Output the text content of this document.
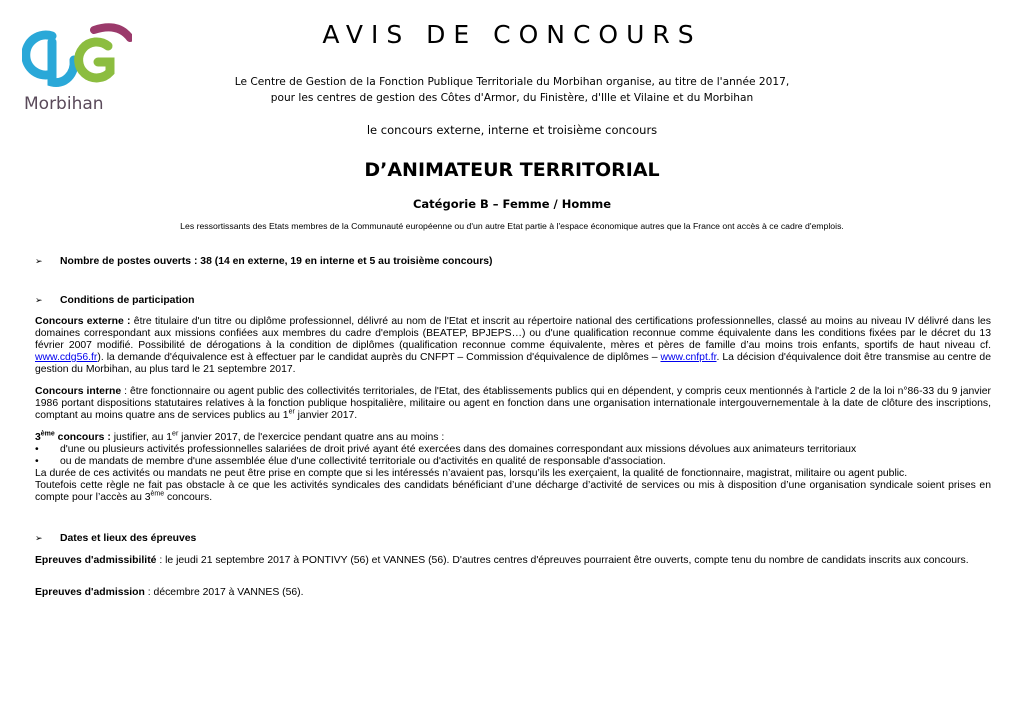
Morbihan
AVIS DE CONCOURS
Le Centre de Gestion de la Fonction Publique Territoriale du Morbihan organise, au titre de l'année 2017,
pour les centres de gestion des Côtes d'Armor, du Finistère, d'Ille et Vilaine et du Morbihan
le concours externe, interne et troisième concours
D’ANIMATEUR TERRITORIAL
Catégorie B – Femme / Homme
Les ressortissants des Etats membres de la Communauté européenne ou d'un autre Etat partie à l'espace économique autres que la France ont accès à ce cadre d'emplois.
➢ Nombre de postes ouverts : 38 (14 en externe, 19 en interne et 5 au troisième concours)
➢ Conditions de participation
Concours externe : être titulaire d'un titre ou diplôme professionnel, délivré au nom de l'Etat et inscrit au répertoire national des certifications professionnelles, classé au moins au niveau IV délivré dans les domaines correspondant aux missions confiées aux membres du cadre d'emplois (BEATEP, BPJEPS…) ou d'une qualification reconnue comme équivalente dans les conditions fixées par le décret du 13 février 2007 modifié. Possibilité de dérogations à la condition de diplômes (qualification reconnue comme équivalente, mères et pères de famille d’au moins trois enfants, sportifs de haut niveau cf. www.cdg56.fr). la demande d'équivalence est à effectuer par le candidat auprès du CNFPT – Commission d'équivalence de diplômes – www.cnfpt.fr. La décision d'équivalence doit être transmise au centre de gestion du Morbihan, au plus tard le 21 septembre 2017.
Concours interne : être fonctionnaire ou agent public des collectivités territoriales, de l'Etat, des établissements publics qui en dépendent, y compris ceux mentionnés à l'article 2 de la loi n°86-33 du 9 janvier 1986 portant dispositions statutaires relatives à la fonction publique hospitalière, militaire ou agent en fonction dans une organisation internationale intergouvernementale à la date de clôture des inscriptions, comptant au moins quatre ans de services publics au 1er janvier 2017.
3ème concours : justifier, au 1er janvier 2017, de l'exercice pendant quatre ans au moins :
• d'une ou plusieurs activités professionnelles salariées de droit privé ayant été exercées dans des domaines correspondant aux missions dévolues aux animateurs territoriaux
• ou de mandats de membre d'une assemblée élue d'une collectivité territoriale ou d'activités en qualité de responsable d'association.
La durée de ces activités ou mandats ne peut être prise en compte que si les intéressés n’avaient pas, lorsqu’ils les exerçaient, la qualité de fonctionnaire, magistrat, militaire ou agent public.
Toutefois cette règle ne fait pas obstacle à ce que les activités syndicales des candidats bénéficiant d’une décharge d’activité de services ou mis à disposition d’une organisation syndicale soient prises en compte pour l’accès au 3ème concours.
➢ Dates et lieux des épreuves
Epreuves d'admissibilité : le jeudi 21 septembre 2017 à PONTIVY (56) et VANNES (56). D'autres centres d'épreuves pourraient être ouverts, compte tenu du nombre de candidats inscrits aux concours.
Epreuves d'admission : décembre 2017 à VANNES (56).
